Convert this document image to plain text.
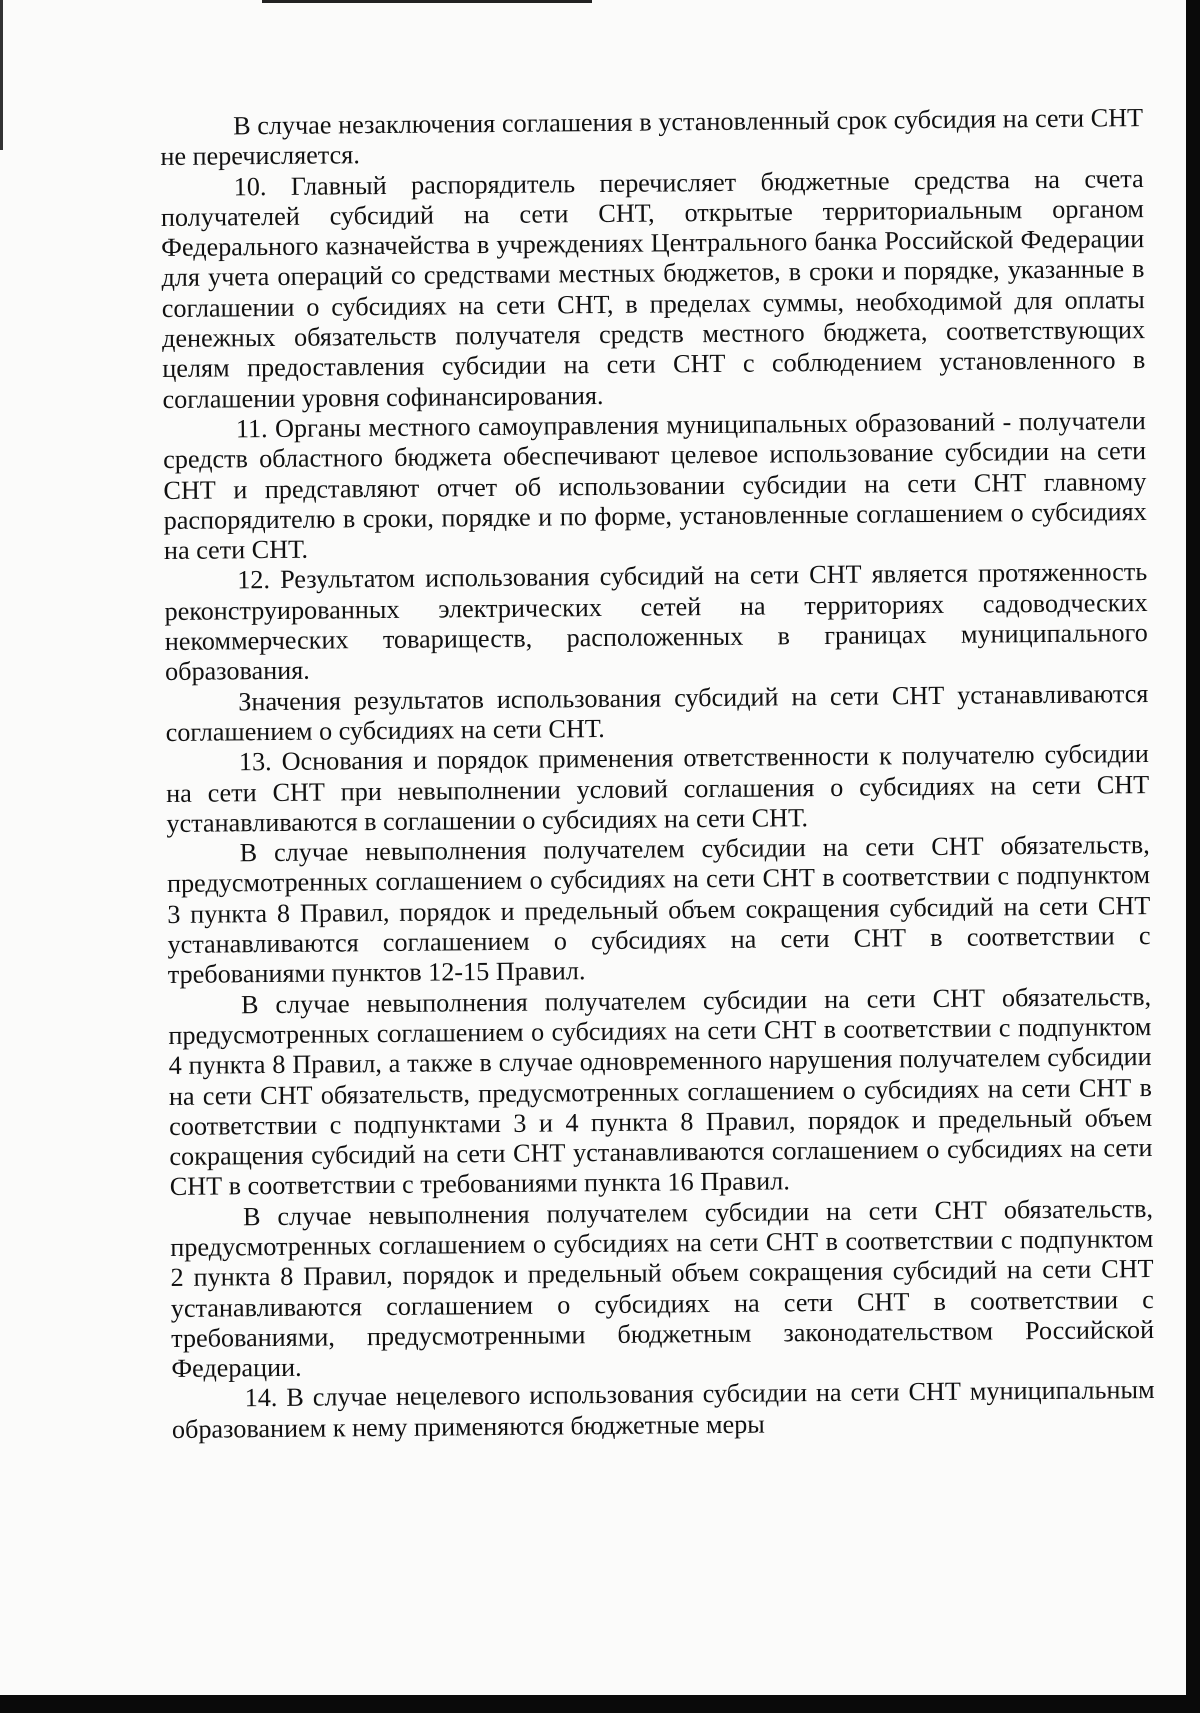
В случае незаключения соглашения в установленный срок субсидия на сети СНТ не перечисляется.

10. Главный распорядитель перечисляет бюджетные средства на счета получателей субсидий на сети СНТ, открытые территориальным органом Федерального казначейства в учреждениях Центрального банка Российской Федерации для учета операций со средствами местных бюджетов, в сроки и порядке, указанные в соглашении о субсидиях на сети СНТ, в пределах суммы, необходимой для оплаты денежных обязательств получателя средств местного бюджета, соответствующих целям предоставления субсидии на сети СНТ с соблюдением установленного в соглашении уровня софинансирования.

11. Органы местного самоуправления муниципальных образований - получатели средств областного бюджета обеспечивают целевое использование субсидии на сети СНТ и представляют отчет об использовании субсидии на сети СНТ главному распорядителю в сроки, порядке и по форме, установленные соглашением о субсидиях на сети СНТ.

12. Результатом использования субсидий на сети СНТ является протяженность реконструированных электрических сетей на территориях садоводческих некоммерческих товариществ, расположенных в границах муниципального образования.

Значения результатов использования субсидий на сети СНТ устанавливаются соглашением о субсидиях на сети СНТ.

13. Основания и порядок применения ответственности к получателю субсидии на сети СНТ при невыполнении условий соглашения о субсидиях на сети СНТ устанавливаются в соглашении о субсидиях на сети СНТ.

В случае невыполнения получателем субсидии на сети СНТ обязательств, предусмотренных соглашением о субсидиях на сети СНТ в соответствии с подпунктом 3 пункта 8 Правил, порядок и предельный объем сокращения субсидий на сети СНТ устанавливаются соглашением о субсидиях на сети СНТ в соответствии с требованиями пунктов 12-15 Правил.

В случае невыполнения получателем субсидии на сети СНТ обязательств, предусмотренных соглашением о субсидиях на сети СНТ в соответствии с подпунктом 4 пункта 8 Правил, а также в случае одновременного нарушения получателем субсидии на сети СНТ обязательств, предусмотренных соглашением о субсидиях на сети СНТ в соответствии с подпунктами 3 и 4 пункта 8 Правил, порядок и предельный объем сокращения субсидий на сети СНТ устанавливаются соглашением о субсидиях на сети СНТ в соответствии с требованиями пункта 16 Правил.

В случае невыполнения получателем субсидии на сети СНТ обязательств, предусмотренных соглашением о субсидиях на сети СНТ в соответствии с подпунктом 2 пункта 8 Правил, порядок и предельный объем сокращения субсидий на сети СНТ устанавливаются соглашением о субсидиях на сети СНТ в соответствии с требованиями, предусмотренными бюджетным законодательством Российской Федерации.

14. В случае нецелевого использования субсидии на сети СНТ муниципальным образованием к нему применяются бюджетные меры
